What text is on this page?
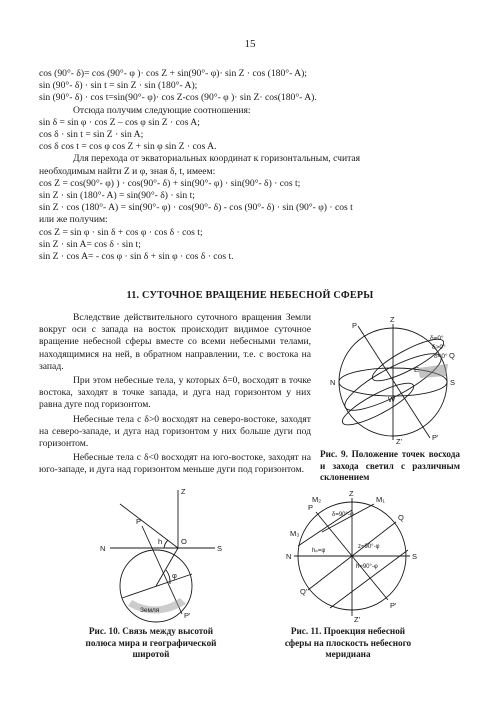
15
cos (90°- δ)= cos (90°- φ )· cos Z + sin(90°- φ)· sin Z · cos (180°- A);
sin (90°- δ) · sin t = sin Z · sin (180°- A);
sin (90°- δ) · cos t=sin(90°- φ)· cos Z-cos (90°- φ )· sin Z· cos(180°- A).
Отсюда получим следующие соотношения:
sin δ = sin φ · cos Z – cos φ sin Z · cos A;
cos δ · sin t = sin Z · sin A;
cos δ cos t = cos φ cos Z + sin φ sin Z · cos A.
Для перехода от экваториальных координат к горизонтальным, считая
необходимым найти Z и φ, зная δ, t, имеем:
cos Z = cos(90°- φ) ) · cos(90°- δ) + sin(90°- φ) · sin(90°- δ) · cos t;
sin Z · sin (180°- A) = sin(90°- δ) · sin t;
sin Z · cos (180°- A) = sin(90°- φ) · cos(90°- δ) - cos (90°- δ) · sin (90°- φ) · cos t
или же получим:
cos Z = sin φ · sin δ + cos φ · cos δ · cos t;
sin Z · sin A= cos δ · sin t;
sin Z · cos A= - cos φ · sin δ + sin φ · cos δ · cos t.
11. СУТОЧНОЕ ВРАЩЕНИЕ НЕБЕСНОЙ СФЕРЫ

Вследствие действительного суточного вращения Земли вокруг оси с запада на восток происходит видимое суточное вращение небесной сферы вместе со всеми небесными телами, находящимися на ней, в обратном направлении, т.е. с востока на запад.

При этом небесные тела, у которых δ=0, восходят в точке востока, заходят в точке запада, и дуга над горизонтом у них равна дуге под горизонтом.

Небесные тела с δ>0 восходят на северо-востоке, заходят на северо-западе, и дуга над горизонтом у них больше дуги под горизонтом.

Небесные тела с δ<0 восходят на юго-востоке, заходят на юго-западе, и дуга над горизонтом меньше дуги под горизонтом.

Z
P
N	S
E
W
Q
Z'	P'
δ=0°
δ>0°
δ<0°
Рис. 9. Положение точек восхода и захода светил с различным склонением
Z
N	S
O
P
φ
h
Земля
P'
Рис. 10. Связь между высотой полюса мира и географической широтой
Z
Z'
P
P'
N	S
Q
Q'
M₁
M₂
M₃
hₚ=φ
z=90°-φ
h=90°-φ
δ=90°-φ
Рис. 11. Проекция небесной сферы на плоскость небесного меридиана
